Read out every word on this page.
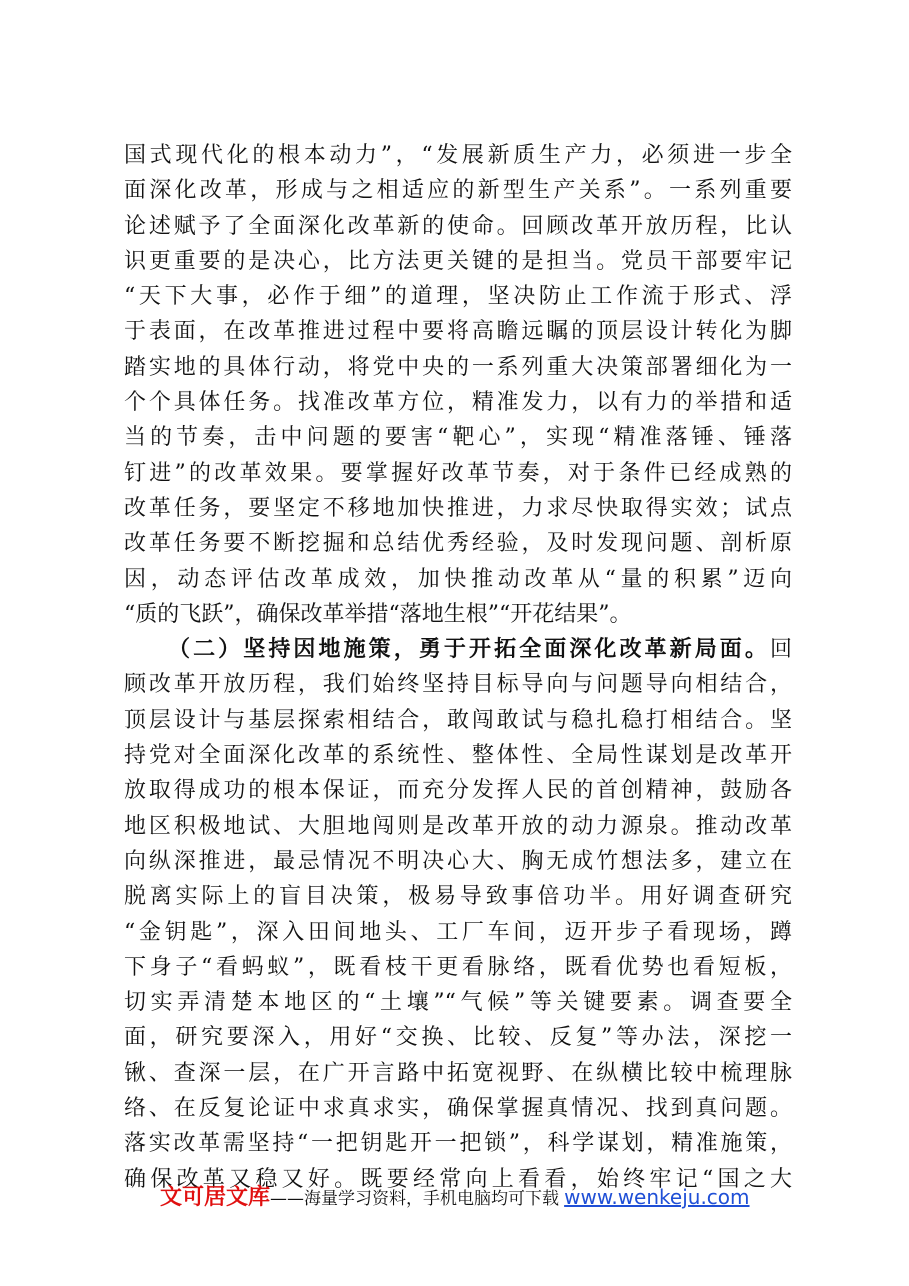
国式现代化的根本动力”，“发展新质生产力，必须进一步全
面深化改革，形成与之相适应的新型生产关系”。一系列重要
论述赋予了全面深化改革新的使命。回顾改革开放历程，比认
识更重要的是决心，比方法更关键的是担当。党员干部要牢记
“天下大事，必作于细”的道理，坚决防止工作流于形式、浮
于表面，在改革推进过程中要将高瞻远瞩的顶层设计转化为脚
踏实地的具体行动，将党中央的一系列重大决策部署细化为一
个个具体任务。找准改革方位，精准发力，以有力的举措和适
当的节奏，击中问题的要害“靶心”，实现“精准落锤、锤落
钉进”的改革效果。要掌握好改革节奏，对于条件已经成熟的
改革任务，要坚定不移地加快推进，力求尽快取得实效；试点
改革任务要不断挖掘和总结优秀经验，及时发现问题、剖析原
因，动态评估改革成效，加快推动改革从“量的积累”迈向
“质的飞跃”，确保改革举措“落地生根”“开花结果”。
（二）坚持因地施策，勇于开拓全面深化改革新局面。回
顾改革开放历程，我们始终坚持目标导向与问题导向相结合，
顶层设计与基层探索相结合，敢闯敢试与稳扎稳打相结合。坚
持党对全面深化改革的系统性、整体性、全局性谋划是改革开
放取得成功的根本保证，而充分发挥人民的首创精神，鼓励各
地区积极地试、大胆地闯则是改革开放的动力源泉。推动改革
向纵深推进，最忌情况不明决心大、胸无成竹想法多，建立在
脱离实际上的盲目决策，极易导致事倍功半。用好调查研究
“金钥匙”，深入田间地头、工厂车间，迈开步子看现场，蹲
下身子“看蚂蚁”，既看枝干更看脉络，既看优势也看短板，
切实弄清楚本地区的“土壤”“气候”等关键要素。调查要全
面，研究要深入，用好“交换、比较、反复”等办法，深挖一
锹、查深一层，在广开言路中拓宽视野、在纵横比较中梳理脉
络、在反复论证中求真求实，确保掌握真情况、找到真问题。
落实改革需坚持“一把钥匙开一把锁”，科学谋划，精准施策，
确保改革又稳又好。既要经常向上看看，始终牢记“国之大
文可居文库——海量学习资料，手机电脑均可下载 www.wenkeju.com
